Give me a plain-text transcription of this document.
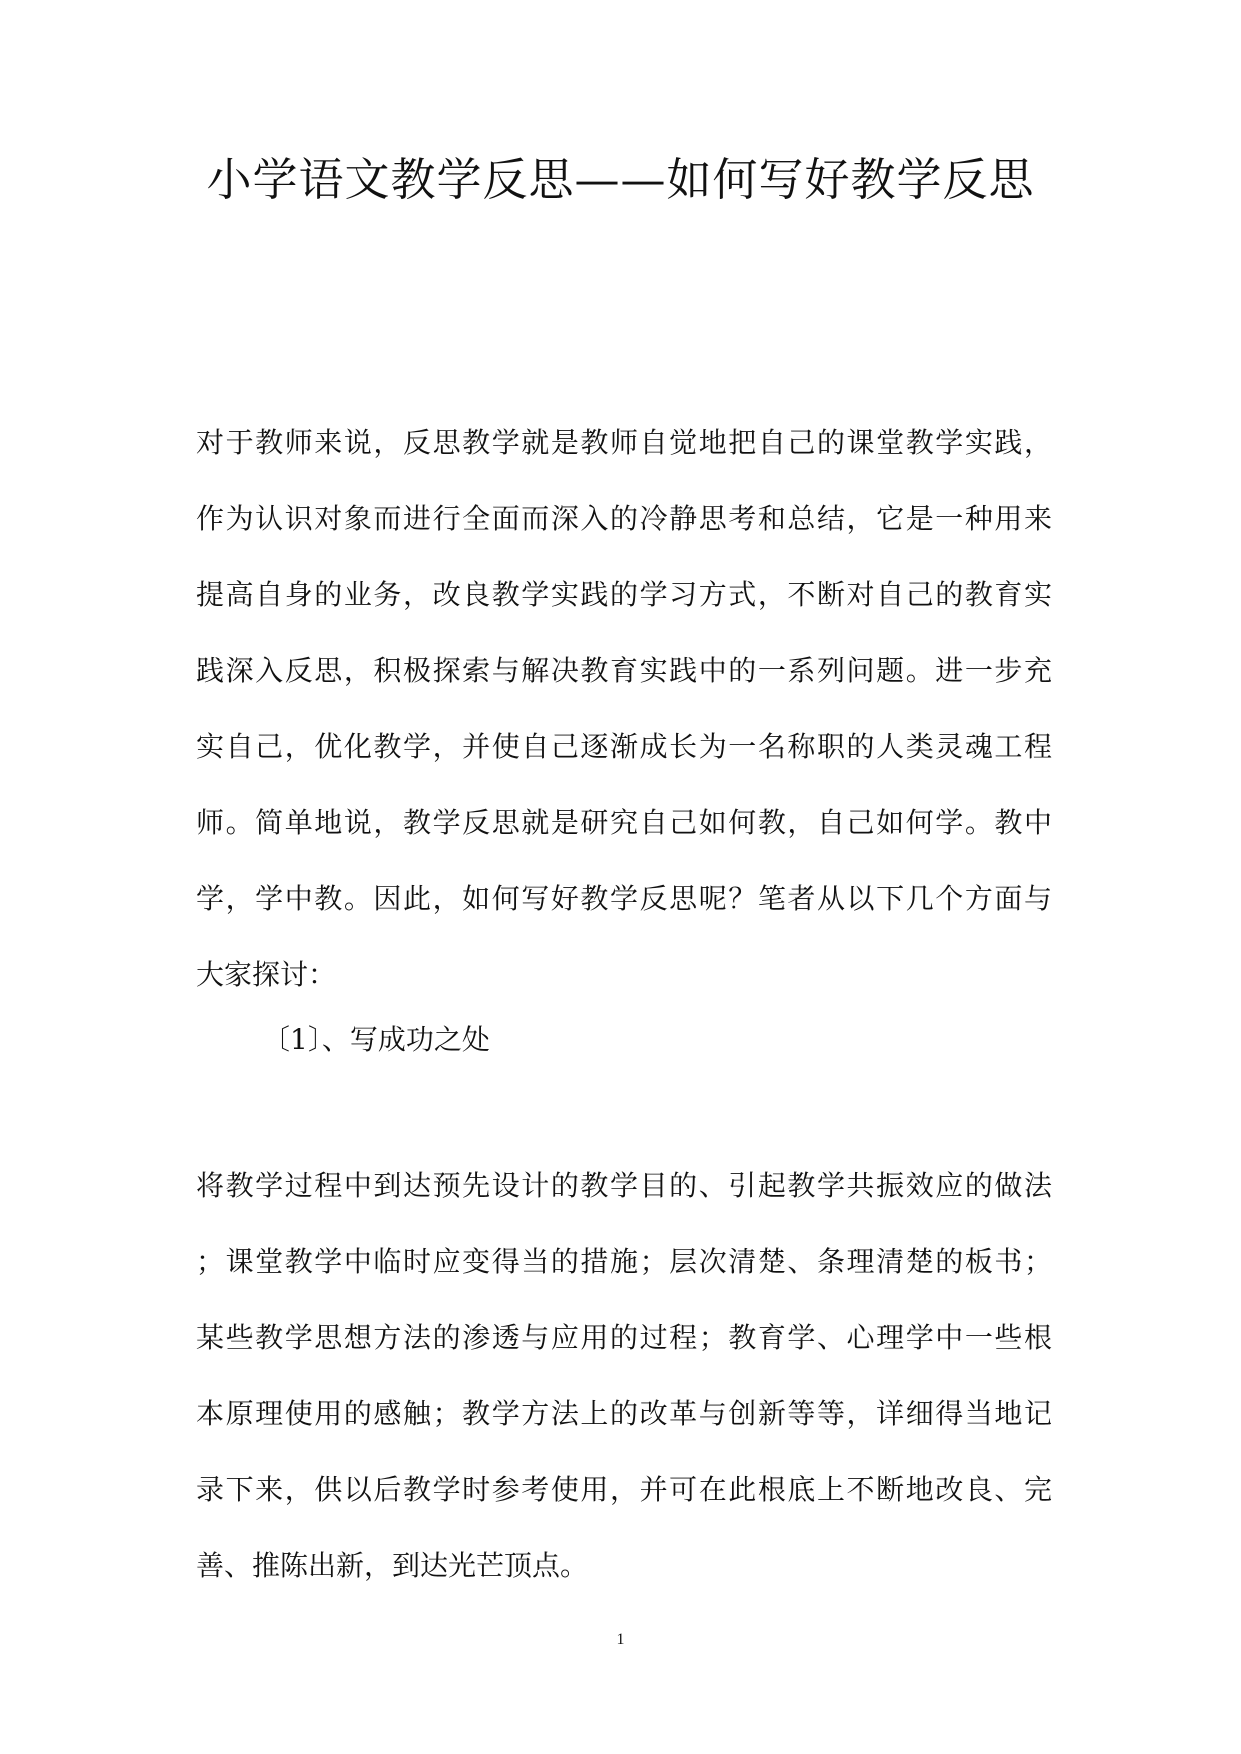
小学语文教学反思——如何写好教学反思
对于教师来说，反思教学就是教师自觉地把自己的课堂教学实践，
作为认识对象而进行全面而深入的冷静思考和总结，它是一种用来
提高自身的业务，改良教学实践的学习方式，不断对自己的教育实
践深入反思，积极探索与解决教育实践中的一系列问题。进一步充
实自己，优化教学，并使自己逐渐成长为一名称职的人类灵魂工程
师。简单地说，教学反思就是研究自己如何教，自己如何学。教中
学，学中教。因此，如何写好教学反思呢？笔者从以下几个方面与
大家探讨：
〔1〕、写成功之处
将教学过程中到达预先设计的教学目的、引起教学共振效应的做法
；课堂教学中临时应变得当的措施；层次清楚、条理清楚的板书；
某些教学思想方法的渗透与应用的过程；教育学、心理学中一些根
本原理使用的感触；教学方法上的改革与创新等等，详细得当地记
录下来，供以后教学时参考使用，并可在此根底上不断地改良、完
善、推陈出新，到达光芒顶点。
1
